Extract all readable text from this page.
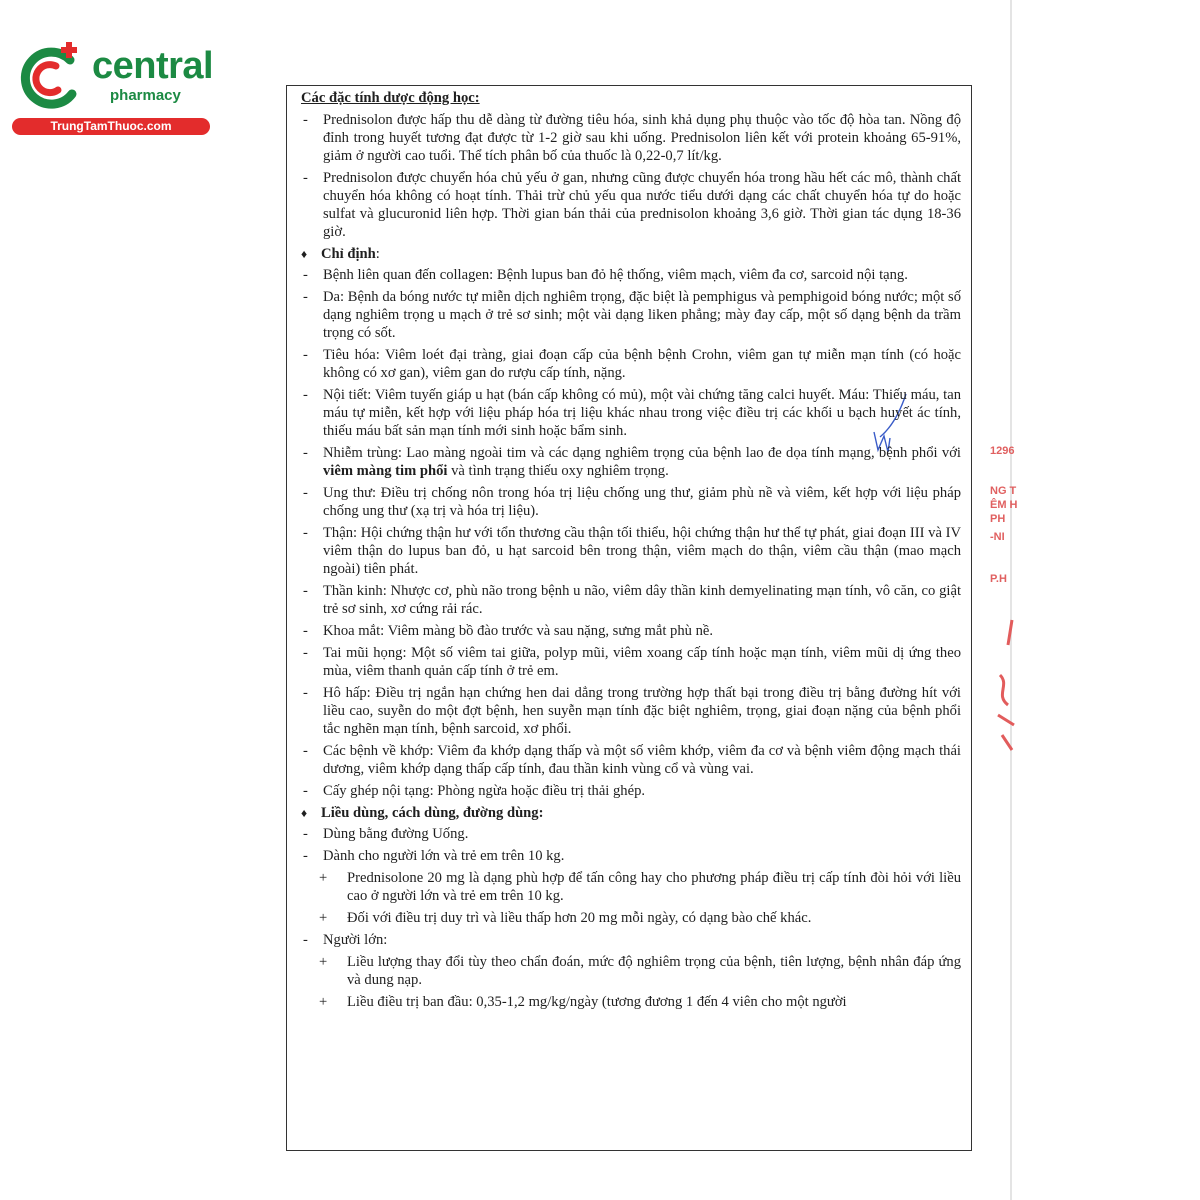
central
pharmacy
TrungTamThuoc.com
1296
NG T
ÊM H
PH
-NI
P.H
Các đặc tính dược động học:
-	Prednisolon được hấp thu dễ dàng từ đường tiêu hóa, sinh khả dụng phụ thuộc vào tốc độ hòa tan. Nồng độ đỉnh trong huyết tương đạt được từ 1-2 giờ sau khi uống. Prednisolon liên kết với protein khoảng 65-91%, giảm ở người cao tuổi. Thể tích phân bố của thuốc là 0,22-0,7 lít/kg.
-	Prednisolon được chuyển hóa chủ yếu ở gan, nhưng cũng được chuyển hóa trong hầu hết các mô, thành chất chuyển hóa không có hoạt tính. Thải trừ chủ yếu qua nước tiểu dưới dạng các chất chuyển hóa tự do hoặc sulfat và glucuronid liên hợp. Thời gian bán thải của prednisolon khoảng 3,6 giờ. Thời gian tác dụng 18-36 giờ.
♦ Chỉ định:
-	Bệnh liên quan đến collagen: Bệnh lupus ban đỏ hệ thống, viêm mạch, viêm đa cơ, sarcoid nội tạng.
-	Da: Bệnh da bóng nước tự miễn dịch nghiêm trọng, đặc biệt là pemphigus và pemphigoid bóng nước; một số dạng nghiêm trọng u mạch ở trẻ sơ sinh; một vài dạng liken phẳng; mày đay cấp, một số dạng bệnh da trầm trọng có sốt.
-	Tiêu hóa: Viêm loét đại tràng, giai đoạn cấp của bệnh bệnh Crohn, viêm gan tự miễn mạn tính (có hoặc không có xơ gan), viêm gan do rượu cấp tính, nặng.
-	Nội tiết: Viêm tuyến giáp u hạt (bán cấp không có mủ), một vài chứng tăng calci huyết. Máu: Thiếu máu, tan máu tự miễn, kết hợp với liệu pháp hóa trị liệu khác nhau trong việc điều trị các khối u bạch huyết ác tính, thiếu máu bất sản mạn tính mới sinh hoặc bẩm sinh.
-	Nhiễm trùng: Lao màng ngoài tim và các dạng nghiêm trọng của bệnh lao đe dọa tính mạng, bệnh phổi với viêm màng tim phổi và tình trạng thiếu oxy nghiêm trọng.
-	Ung thư: Điều trị chống nôn trong hóa trị liệu chống ung thư, giảm phù nề và viêm, kết hợp với liệu pháp chống ung thư (xạ trị và hóa trị liệu).
-	Thận: Hội chứng thận hư với tổn thương cầu thận tối thiểu, hội chứng thận hư thể tự phát, giai đoạn III và IV viêm thận do lupus ban đỏ, u hạt sarcoid bên trong thận, viêm mạch do thận, viêm cầu thận (mao mạch ngoài) tiên phát.
-	Thần kinh: Nhược cơ, phù não trong bệnh u não, viêm dây thần kinh demyelinating mạn tính, vô căn, co giật trẻ sơ sinh, xơ cứng rải rác.
-	Khoa mắt: Viêm màng bồ đào trước và sau nặng, sưng mắt phù nề.
-	Tai mũi họng: Một số viêm tai giữa, polyp mũi, viêm xoang cấp tính hoặc mạn tính, viêm mũi dị ứng theo mùa, viêm thanh quản cấp tính ở trẻ em.
-	Hô hấp: Điều trị ngắn hạn chứng hen dai dẳng trong trường hợp thất bại trong điều trị bằng đường hít với liều cao, suyễn do một đợt bệnh, hen suyễn mạn tính đặc biệt nghiêm, trọng, giai đoạn nặng của bệnh phổi tắc nghẽn mạn tính, bệnh sarcoid, xơ phổi.
-	Các bệnh về khớp: Viêm đa khớp dạng thấp và một số viêm khớp, viêm đa cơ và bệnh viêm động mạch thái dương, viêm khớp dạng thấp cấp tính, đau thần kinh vùng cổ và vùng vai.
-	Cấy ghép nội tạng: Phòng ngừa hoặc điều trị thải ghép.
♦ Liều dùng, cách dùng, đường dùng:
-	Dùng bằng đường Uống.
-	Dành cho người lớn và trẻ em trên 10 kg.
+	Prednisolone 20 mg là dạng phù hợp để tấn công hay cho phương pháp điều trị cấp tính đòi hỏi với liều cao ở người lớn và trẻ em trên 10 kg.
+	Đối với điều trị duy trì và liều thấp hơn 20 mg mỗi ngày, có dạng bào chế khác.
-	Người lớn:
+	Liều lượng thay đổi tùy theo chẩn đoán, mức độ nghiêm trọng của bệnh, tiên lượng, bệnh nhân đáp ứng và dung nạp.
+	Liều điều trị ban đầu: 0,35-1,2 mg/kg/ngày (tương đương 1 đến 4 viên cho một người
